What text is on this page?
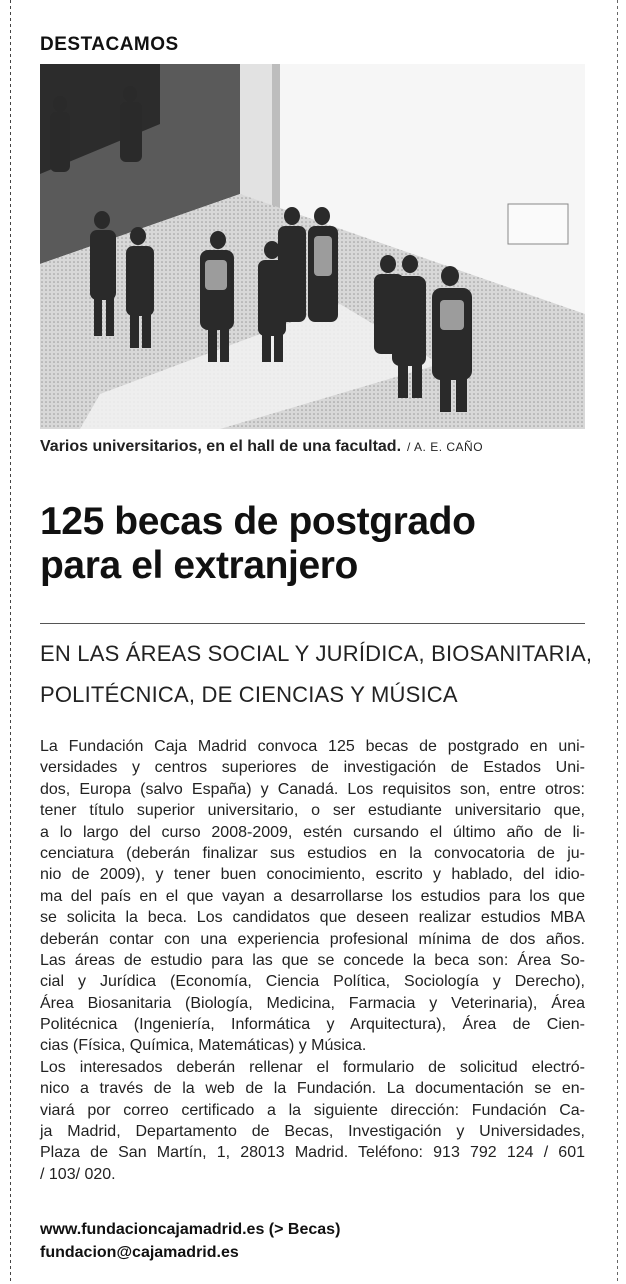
DESTACAMOS
Varios universitarios, en el hall de una facultad. / A. E. CAÑO
125 becas de postgrado
para el extranjero
EN LAS ÁREAS SOCIAL Y JURÍDICA, BIOSANITARIA,
POLITÉCNICA, DE CIENCIAS Y MÚSICA
La Fundación Caja Madrid convoca 125 becas de postgrado en uni-
versidades y centros superiores de investigación de Estados Uni-
dos, Europa (salvo España) y Canadá. Los requisitos son, entre otros:
tener título superior universitario, o ser estudiante universitario que,
a lo largo del curso 2008-2009, estén cursando el último año de li-
cenciatura (deberán finalizar sus estudios en la convocatoria de ju-
nio de 2009), y tener buen conocimiento, escrito y hablado, del idio-
ma del país en el que vayan a desarrollarse los estudios para los que
se solicita la beca. Los candidatos que deseen realizar estudios MBA
deberán contar con una experiencia profesional mínima de dos años.
Las áreas de estudio para las que se concede la beca son: Área So-
cial y Jurídica (Economía, Ciencia Política, Sociología y Derecho),
Área Biosanitaria (Biología, Medicina, Farmacia y Veterinaria), Área
Politécnica (Ingeniería, Informática y Arquitectura), Área de Cien-
cias (Física, Química, Matemáticas) y Música.
Los interesados deberán rellenar el formulario de solicitud electró-
nico a través de la web de la Fundación. La documentación se en-
viará por correo certificado a la siguiente dirección: Fundación Ca-
ja Madrid, Departamento de Becas, Investigación y Universidades,
Plaza de San Martín, 1, 28013 Madrid. Teléfono: 913 792 124 / 601
/ 103/ 020.
www.fundacioncajamadrid.es (> Becas)
fundacion@cajamadrid.es
